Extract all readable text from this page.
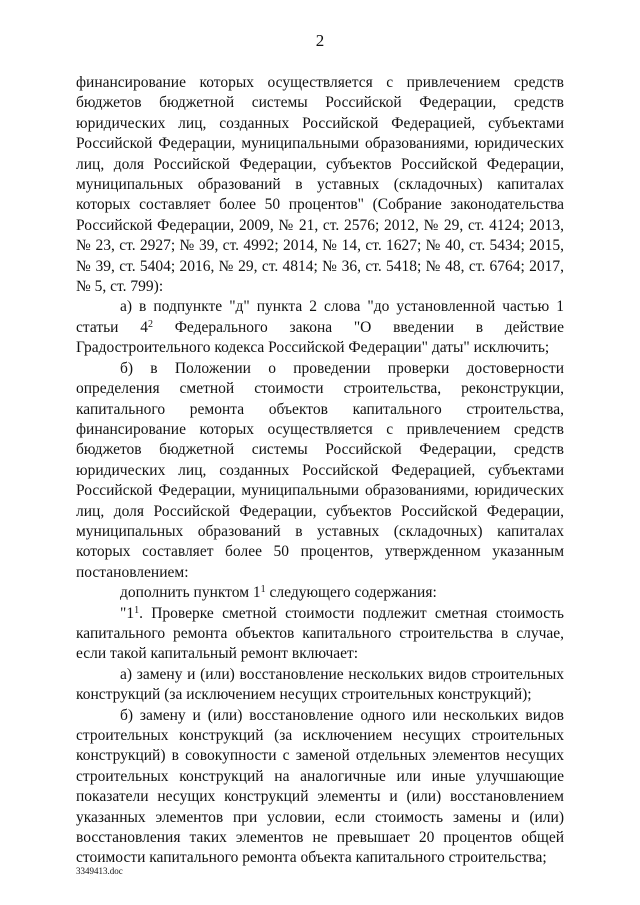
2

финансирование которых осуществляется с привлечением средств бюджетов бюджетной системы Российской Федерации, средств юридических лиц, созданных Российской Федерацией, субъектами Российской Федерации, муниципальными образованиями, юридических лиц, доля Российской Федерации, субъектов Российской Федерации, муниципальных образований в уставных (складочных) капиталах которых составляет более 50 процентов" (Собрание законодательства Российской Федерации, 2009, № 21, ст. 2576; 2012, № 29, ст. 4124; 2013, № 23, ст. 2927; № 39, ст. 4992; 2014, № 14, ст. 1627; № 40, ст. 5434; 2015, № 39, ст. 5404; 2016, № 29, ст. 4814; № 36, ст. 5418; № 48, ст. 6764; 2017, № 5, ст. 799):

а) в подпункте "д" пункта 2 слова "до установленной частью 1 статьи $4^2$ Федерального закона "О введении в действие Градостроительного кодекса Российской Федерации" даты" исключить;

б) в Положении о проведении проверки достоверности определения сметной стоимости строительства, реконструкции, капитального ремонта объектов капитального строительства, финансирование которых осуществляется с привлечением средств бюджетов бюджетной системы Российской Федерации, средств юридических лиц, созданных Российской Федерацией, субъектами Российской Федерации, муниципальными образованиями, юридических лиц, доля Российской Федерации, субъектов Российской Федерации, муниципальных образований в уставных (складочных) капиталах которых составляет более 50 процентов, утвержденном указанным постановлением:

дополнить пунктом $1^1$ следующего содержания:

"$1^1$. Проверке сметной стоимости подлежит сметная стоимость капитального ремонта объектов капитального строительства в случае, если такой капитальный ремонт включает:

а) замену и (или) восстановление нескольких видов строительных конструкций (за исключением несущих строительных конструкций);

б) замену и (или) восстановление одного или нескольких видов строительных конструкций (за исключением несущих строительных конструкций) в совокупности с заменой отдельных элементов несущих строительных конструкций на аналогичные или иные улучшающие показатели несущих конструкций элементы и (или) восстановлением указанных элементов при условии, если стоимость замены и (или) восстановления таких элементов не превышает 20 процентов общей стоимости капитального ремонта объекта капитального строительства;

3349413.doc
